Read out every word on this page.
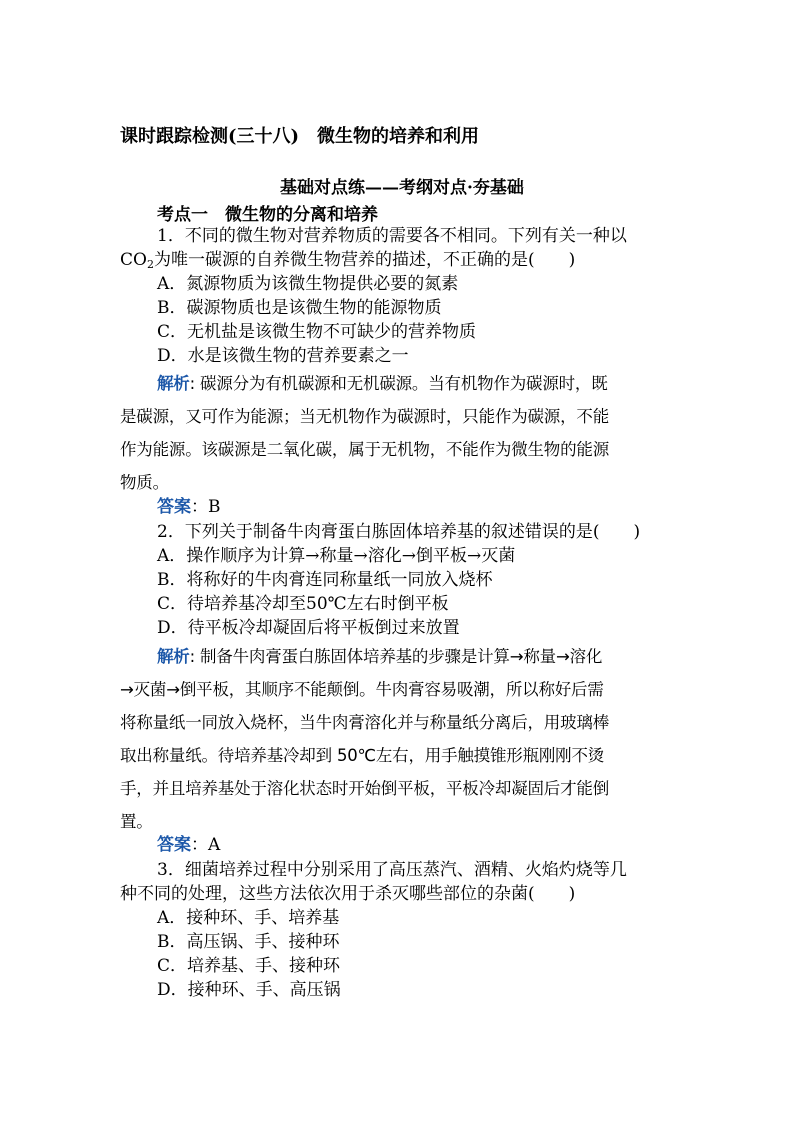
课时跟踪检测(三十八)　微生物的培养和利用
基础对点练——考纲对点·夯基础
考点一　微生物的分离和培养
1．不同的微生物对营养物质的需要各不相同。下列有关一种以
$CO_2$为唯一碳源的自养微生物营养的描述，不正确的是(　　)
A．氮源物质为该微生物提供必要的氮素
B．碳源物质也是该微生物的能源物质
C．无机盐是该微生物不可缺少的营养物质
D．水是该微生物的营养要素之一
解析: 碳源分为有机碳源和无机碳源。当有机物作为碳源时，既
是碳源，又可作为能源；当无机物作为碳源时，只能作为碳源，不能
作为能源。该碳源是二氧化碳，属于无机物，不能作为微生物的能源
物质。
答案：B
2．下列关于制备牛肉膏蛋白胨固体培养基的叙述错误的是(　　)
A．操作顺序为计算→称量→溶化→倒平板→灭菌
B．将称好的牛肉膏连同称量纸一同放入烧杯
C．待培养基冷却至50℃左右时倒平板
D．待平板冷却凝固后将平板倒过来放置
解析: 制备牛肉膏蛋白胨固体培养基的步骤是计算→称量→溶化
→灭菌→倒平板，其顺序不能颠倒。牛肉膏容易吸潮，所以称好后需
将称量纸一同放入烧杯，当牛肉膏溶化并与称量纸分离后，用玻璃棒
取出称量纸。待培养基冷却到 50℃左右，用手触摸锥形瓶刚刚不烫
手，并且培养基处于溶化状态时开始倒平板，平板冷却凝固后才能倒
置。
答案：A
3．细菌培养过程中分别采用了高压蒸汽、酒精、火焰灼烧等几
种不同的处理，这些方法依次用于杀灭哪些部位的杂菌(　　)
A．接种环、手、培养基
B．高压锅、手、接种环
C．培养基、手、接种环
D．接种环、手、高压锅
